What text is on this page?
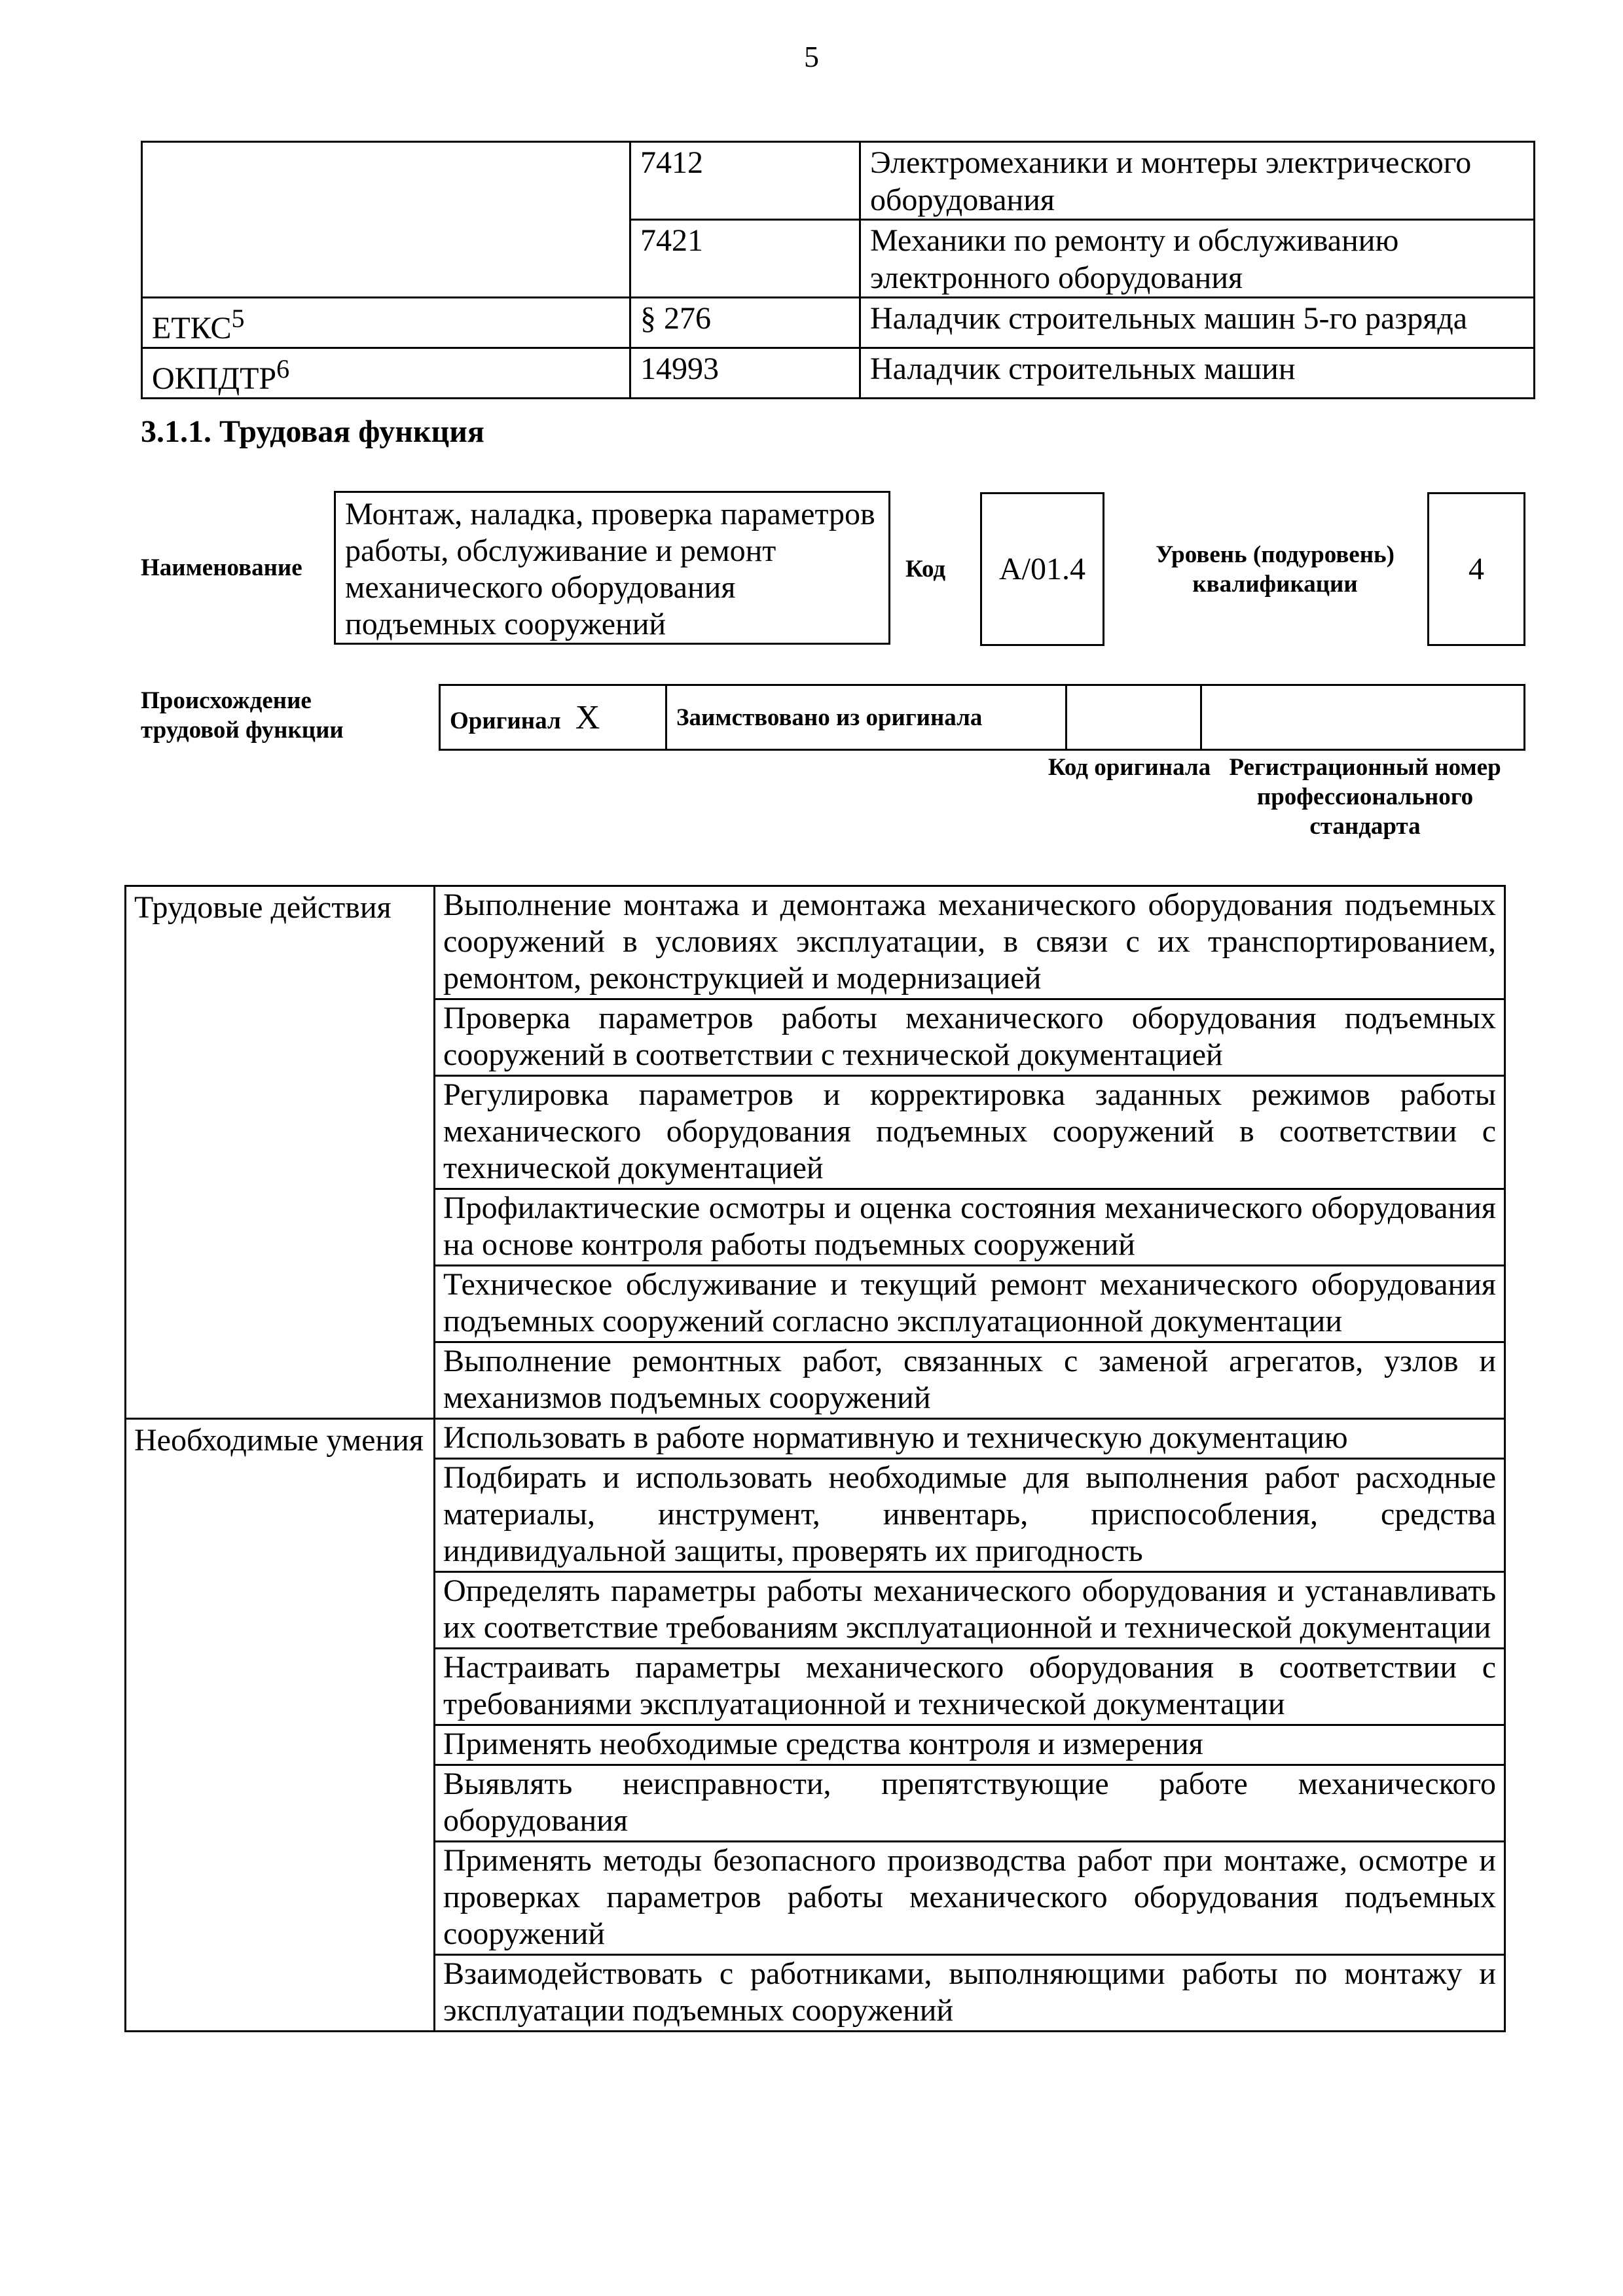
5
	7412	Электромеханики и монтеры электрического оборудования
	7421	Механики по ремонту и обслуживанию электронного оборудования
ЕТКС$^5$	§ 276	Наладчик строительных машин 5-го разряда
ОКПДТР$^6$	14993	Наладчик строительных машин
3.1.1. Трудовая функция
Наименование
Монтаж, наладка, проверка параметров работы, обслуживание и ремонт механического оборудования подъемных сооружений
Код	A/01.4	Уровень (подуровень) квалификации	4
Происхождение трудовой функции	Оригинал X	Заимствовано из оригинала		
Код оригинала Регистрационный номер профессионального стандарта
Трудовые действия	Выполнение монтажа и демонтажа механического оборудования подъемных сооружений в условиях эксплуатации, в связи с их транспортированием, ремонтом, реконструкцией и модернизацией
	Проверка параметров работы механического оборудования подъемных сооружений в соответствии с технической документацией
	Регулировка параметров и корректировка заданных режимов работы механического оборудования подъемных сооружений в соответствии с технической документацией
	Профилактические осмотры и оценка состояния механического оборудования на основе контроля работы подъемных сооружений
	Техническое обслуживание и текущий ремонт механического оборудования подъемных сооружений согласно эксплуатационной документации
	Выполнение ремонтных работ, связанных с заменой агрегатов, узлов и механизмов подъемных сооружений
Необходимые умения	Использовать в работе нормативную и техническую документацию
	Подбирать и использовать необходимые для выполнения работ расходные материалы, инструмент, инвентарь, приспособления, средства индивидуальной защиты, проверять их пригодность
	Определять параметры работы механического оборудования и устанавливать их соответствие требованиям эксплуатационной и технической документации
	Настраивать параметры механического оборудования в соответствии с требованиями эксплуатационной и технической документации
	Применять необходимые средства контроля и измерения
	Выявлять неисправности, препятствующие работе механического оборудования
	Применять методы безопасного производства работ при монтаже, осмотре и проверках параметров работы механического оборудования подъемных сооружений
	Взаимодействовать с работниками, выполняющими работы по монтажу и эксплуатации подъемных сооружений
